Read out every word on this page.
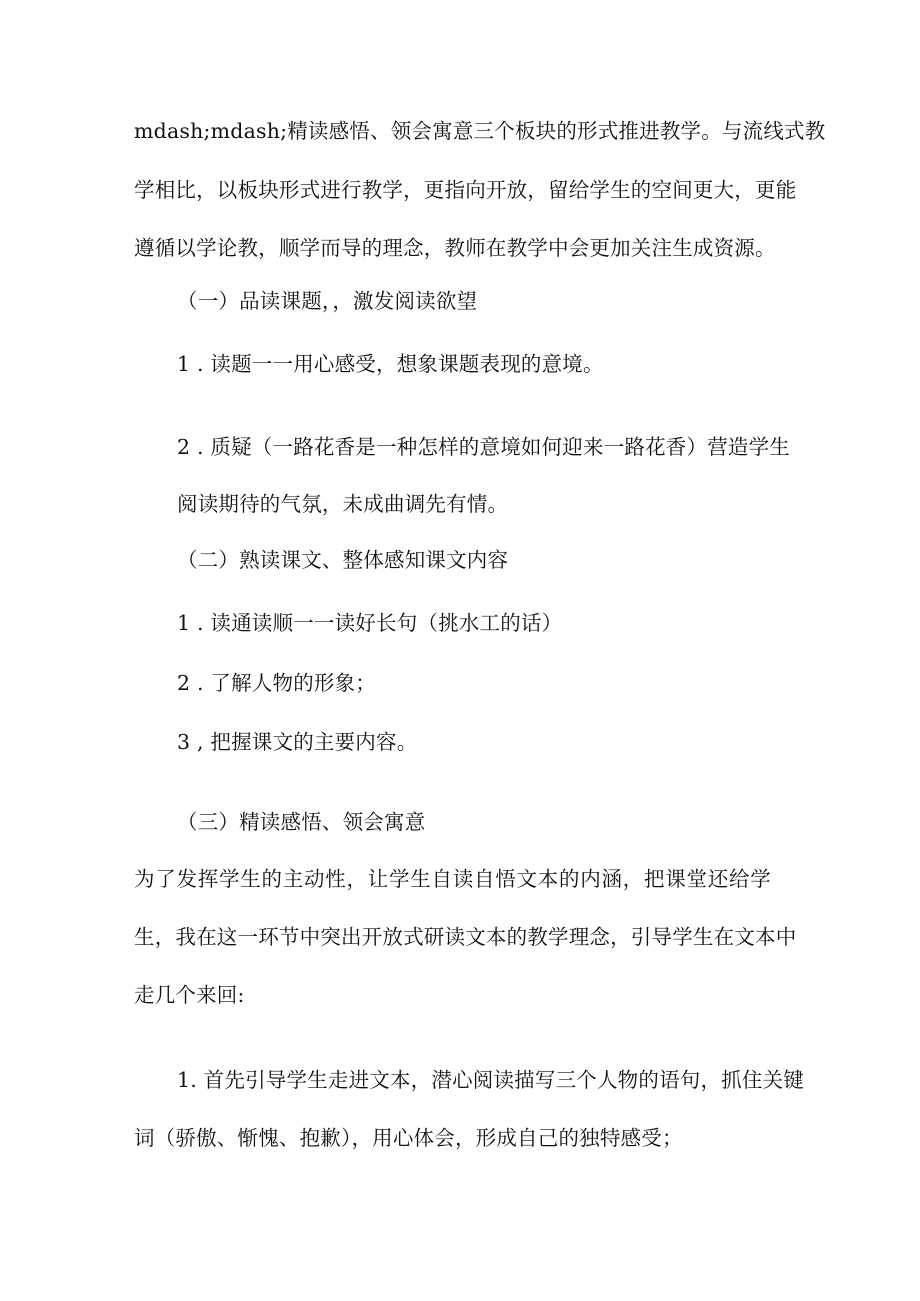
mdash;mdash;精读感悟、领会寓意三个板块的形式推进教学。与流线式教
学相比，以板块形式进行教学，更指向开放，留给学生的空间更大，更能
遵循以学论教，顺学而导的理念，教师在教学中会更加关注生成资源。
（一）品读课题，，激发阅读欲望
1 . 读题一一用心感受，想象课题表现的意境。
2 . 质疑（一路花香是一种怎样的意境如何迎来一路花香）营造学生
阅读期待的气氛，未成曲调先有情。
（二）熟读课文、整体感知课文内容
1 . 读通读顺一一读好长句（挑水工的话）
2 . 了解人物的形象；
3 , 把握课文的主要内容。
（三）精读感悟、领会寓意
为了发挥学生的主动性，让学生自读自悟文本的内涵，把课堂还给学
生，我在这一环节中突出开放式研读文本的教学理念，引导学生在文本中
走几个来回:
1. 首先引导学生走进文本，潜心阅读描写三个人物的语句，抓住关键
词（骄傲、惭愧、抱歉），用心体会，形成自己的独特感受；
